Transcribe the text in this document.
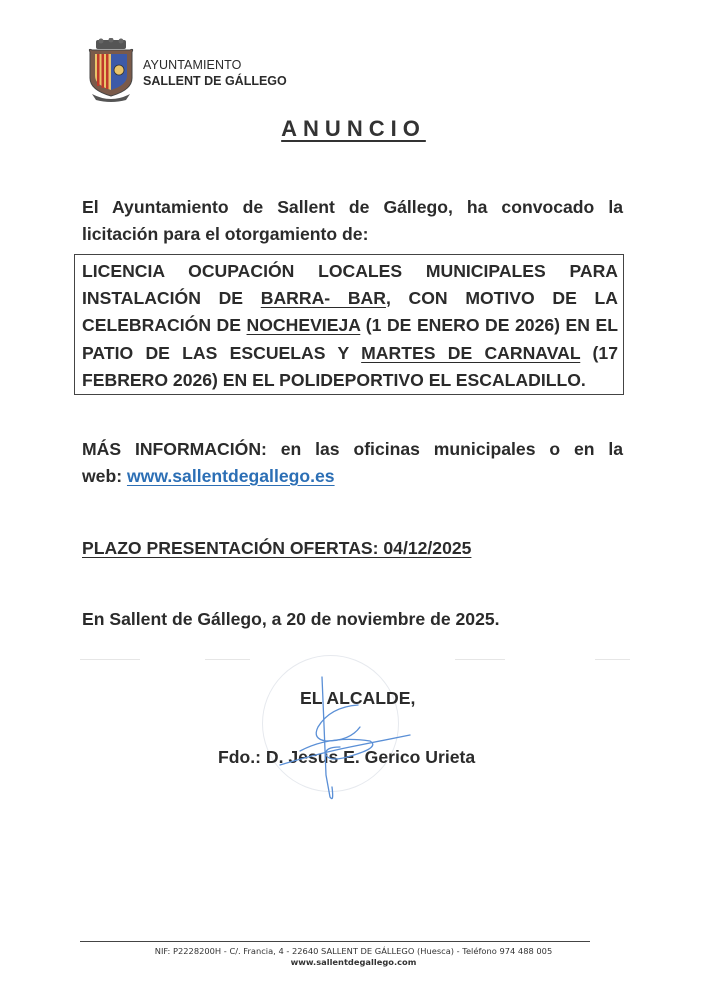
AYUNTAMIENTO
SALLENT DE GÁLLEGO
ANUNCIO
El Ayuntamiento de Sallent de Gállego, ha convocado la
licitación para el otorgamiento de:
LICENCIA OCUPACIÓN LOCALES MUNICIPALES PARA
INSTALACIÓN DE BARRA- BAR, CON MOTIVO DE LA
CELEBRACIÓN DE NOCHEVIEJA (1 DE ENERO DE 2026) EN EL
PATIO DE LAS ESCUELAS Y MARTES DE CARNAVAL (17
FEBRERO 2026) EN EL POLIDEPORTIVO EL ESCALADILLO.
MÁS INFORMACIÓN: en las oficinas municipales o en la
web: www.sallentdegallego.es
PLAZO PRESENTACIÓN OFERTAS: 04/12/2025
En Sallent de Gállego, a 20 de noviembre de 2025.
EL ALCALDE,
Fdo.: D. Jesus E. Gerico Urieta
NIF: P2228200H - C/. Francia, 4 - 22640 SALLENT DE GÁLLEGO (Huesca) - Teléfono 974 488 005
www.sallentdegallego.com
